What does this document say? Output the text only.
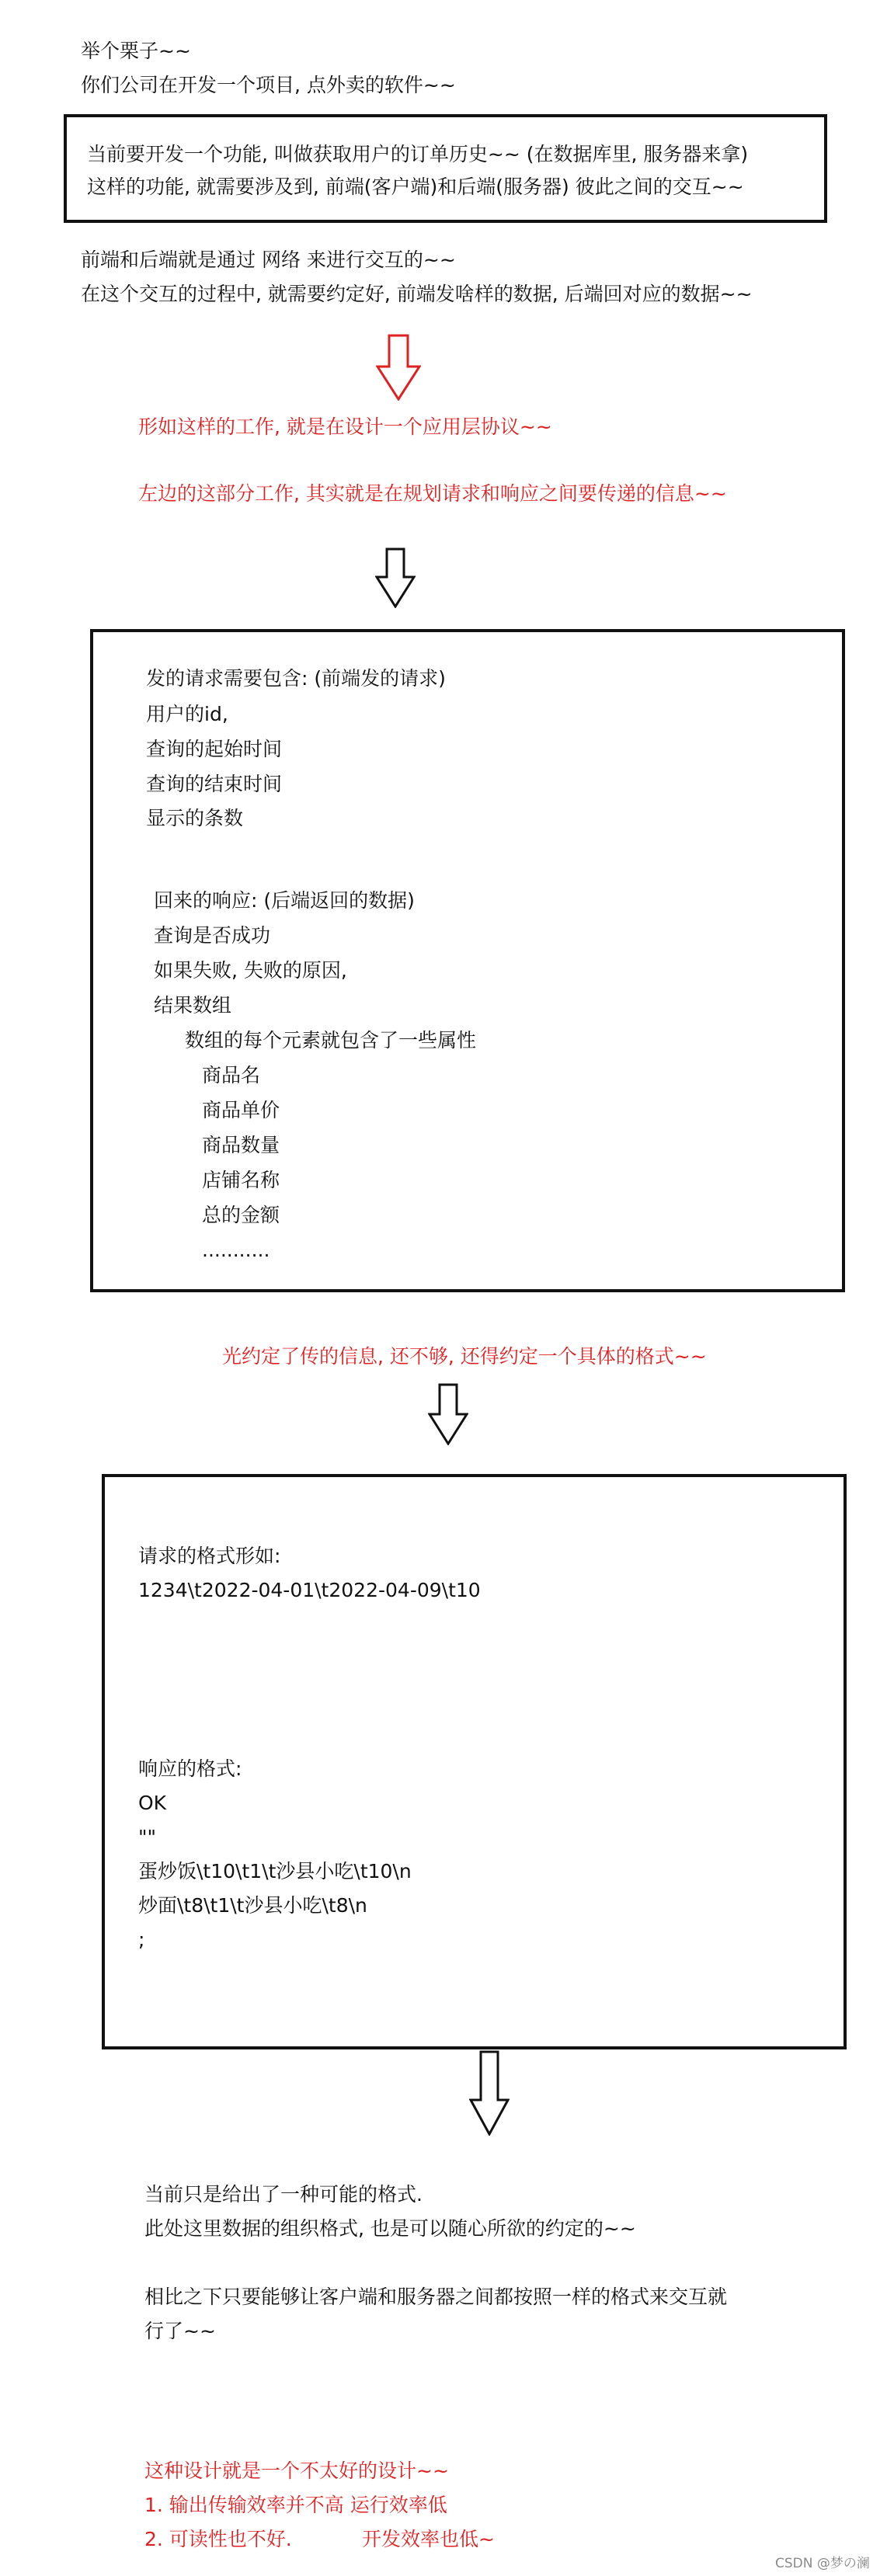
举个栗子~~

你们公司在开发一个项目, 点外卖的软件~~

当前要开发一个功能, 叫做获取用户的订单历史~~ (在数据库里, 服务器来拿)

这样的功能, 就需要涉及到, 前端(客户端)和后端(服务器) 彼此之间的交互~~

前端和后端就是通过 网络 来进行交互的~~

在这个交互的过程中, 就需要约定好, 前端发啥样的数据, 后端回对应的数据~~

形如这样的工作, 就是在设计一个应用层协议~~

左边的这部分工作, 其实就是在规划请求和响应之间要传递的信息~~

发的请求需要包含: (前端发的请求)

用户的id,

查询的起始时间

查询的结束时间

显示的条数

回来的响应: (后端返回的数据)

查询是否成功

如果失败, 失败的原因,

结果数组

数组的每个元素就包含了一些属性

商品名

商品单价

商品数量

店铺名称

总的金额

...........

光约定了传的信息, 还不够, 还得约定一个具体的格式~~

请求的格式形如:

1234\t2022-04-01\t2022-04-09\t10

响应的格式:

OK

""

蛋炒饭\t10\t1\t沙县小吃\t10\n

炒面\t8\t1\t沙县小吃\t8\n

;

当前只是给出了一种可能的格式.

此处这里数据的组织格式, 也是可以随心所欲的约定的~~

相比之下只要能够让客户端和服务器之间都按照一样的格式来交互就

行了~~

这种设计就是一个不太好的设计~~

1. 输出传输效率并不高 运行效率低

2. 可读性也不好.	开发效率也低~

CSDN @梦の澜
